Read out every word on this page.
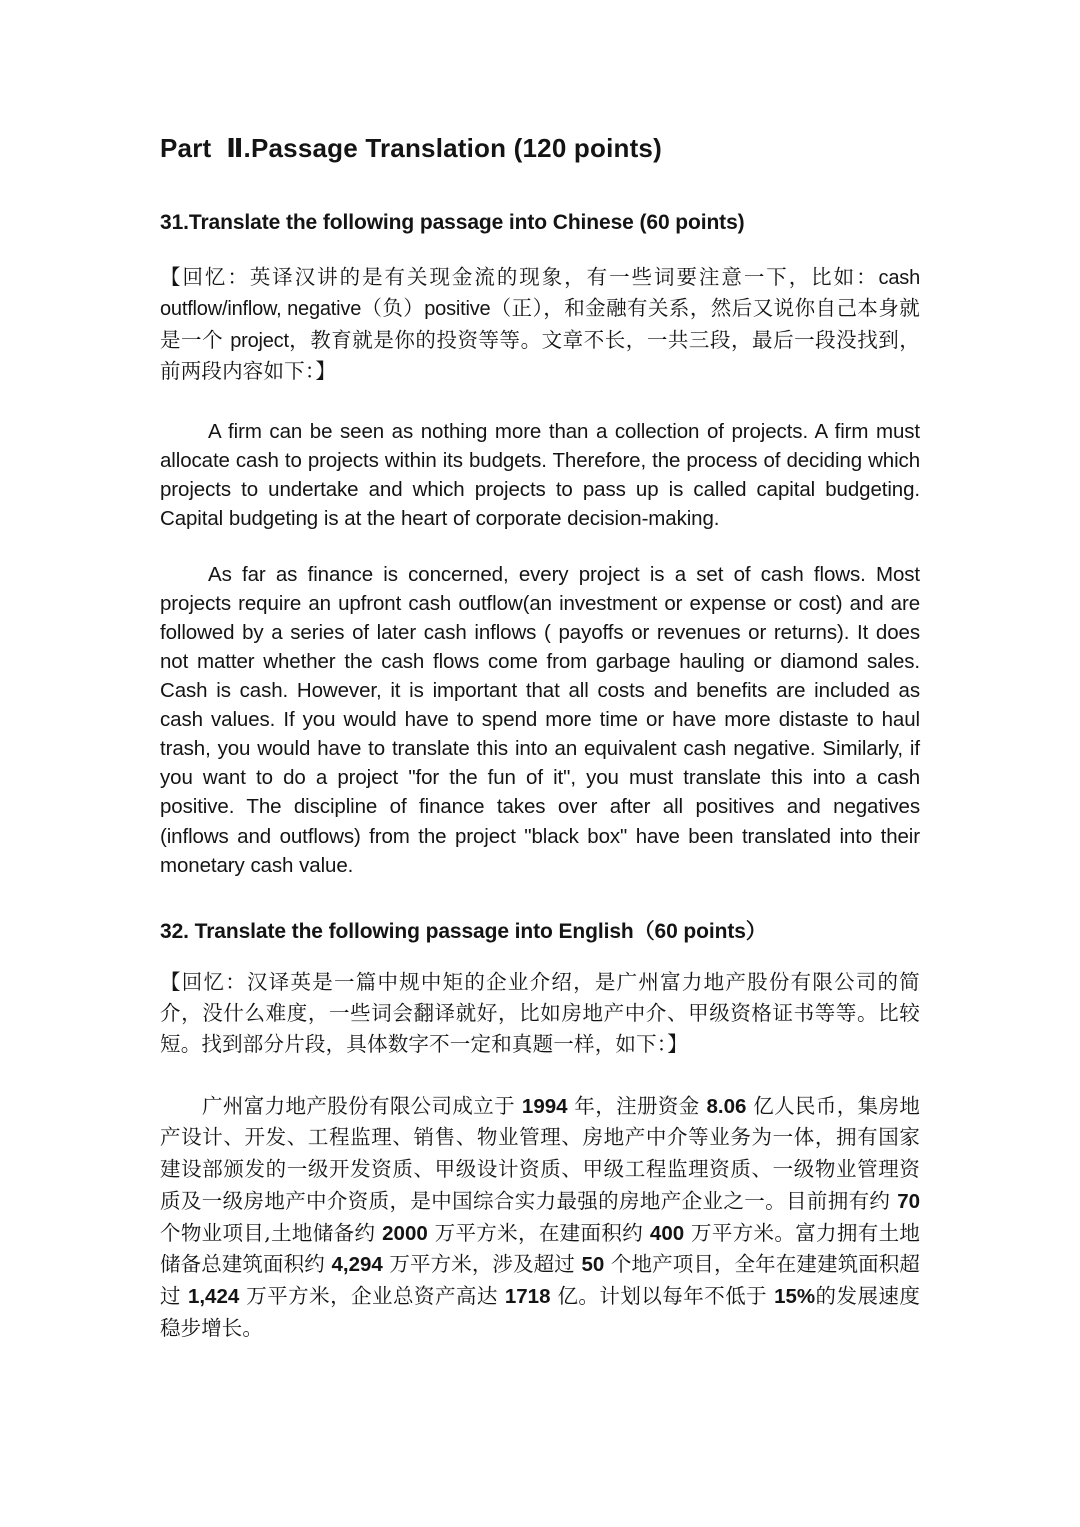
Part  Ⅱ.Passage Translation (120 points)
31.Translate the following passage into Chinese (60 points)

【回忆：英译汉讲的是有关现金流的现象，有一些词要注意一下，比如：cash outflow/inflow, negative（负）positive（正），和金融有关系，然后又说你自己本身就是一个 project，教育就是你的投资等等。文章不长，一共三段，最后一段没找到，前两段内容如下：】

A firm can be seen as nothing more than a collection of projects. A firm must allocate cash to projects within its budgets. Therefore, the process of deciding which projects to undertake and which projects to pass up is called capital budgeting. Capital budgeting is at the heart of corporate decision-making.

As far as finance is concerned, every project is a set of cash flows. Most projects require an upfront cash outflow(an investment or expense or cost) and are followed by a series of later cash inflows ( payoffs or revenues or returns). It does not matter whether the cash flows come from garbage hauling or diamond sales. Cash is cash. However, it is important that all costs and benefits are included as cash values. If you would have to spend more time or have more distaste to haul trash, you would have to translate this into an equivalent cash negative. Similarly, if you want to do a project "for the fun of it", you must translate this into a cash positive. The discipline of finance takes over after all positives and negatives (inflows and outflows) from the project "black box" have been translated into their monetary cash value.

32. Translate the following passage into English（60 points）

【回忆：汉译英是一篇中规中矩的企业介绍，是广州富力地产股份有限公司的简介，没什么难度，一些词会翻译就好，比如房地产中介、甲级资格证书等等。比较短。找到部分片段，具体数字不一定和真题一样，如下：】

广州富力地产股份有限公司成立于 1994 年，注册资金 8.06 亿人民币，集房地产设计、开发、工程监理、销售、物业管理、房地产中介等业务为一体，拥有国家建设部颁发的一级开发资质、甲级设计资质、甲级工程监理资质、一级物业管理资质及一级房地产中介资质，是中国综合实力最强的房地产企业之一。目前拥有约 70 个物业项目,土地储备约 2000 万平方米，在建面积约 400 万平方米。富力拥有土地储备总建筑面积约 4,294 万平方米，涉及超过 50 个地产项目，全年在建建筑面积超过 1,424 万平方米，企业总资产高达 1718 亿。计划以每年不低于 15%的发展速度稳步增长。
